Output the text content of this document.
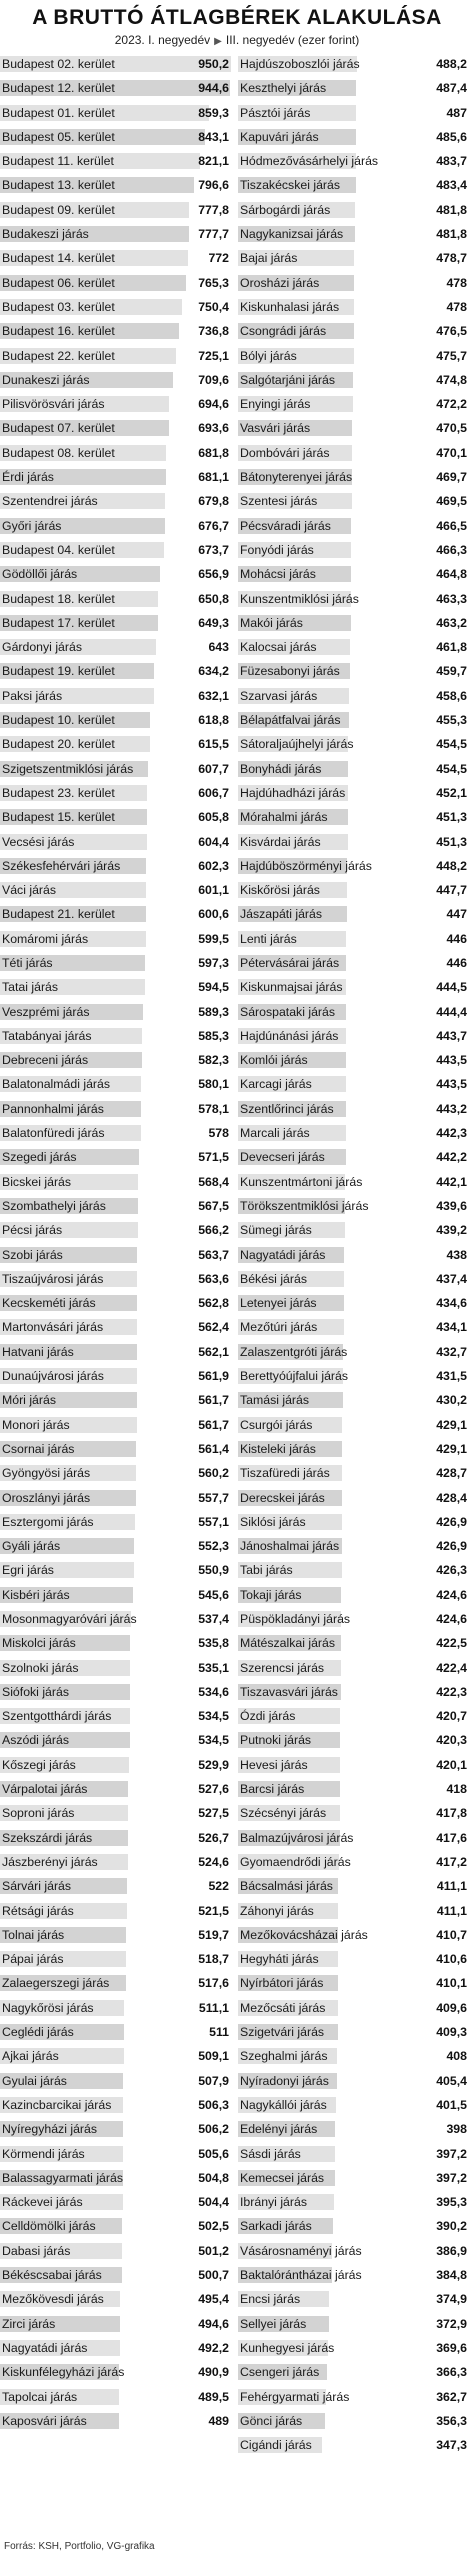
A BRUTTÓ ÁTLAGBÉREK ALAKULÁSA
2023. I. negyedév ▶ III. negyedév (ezer forint)
Budapest 02. kerület	950,2
Budapest 12. kerület	944,6
Budapest 01. kerület	859,3
Budapest 05. kerület	843,1
Budapest 11. kerület	821,1
Budapest 13. kerület	796,6
Budapest 09. kerület	777,8
Budakeszi járás	777,7
Budapest 14. kerület	772
Budapest 06. kerület	765,3
Budapest 03. kerület	750,4
Budapest 16. kerület	736,8
Budapest 22. kerület	725,1
Dunakeszi járás	709,6
Pilisvörösvári járás	694,6
Budapest 07. kerület	693,6
Budapest 08. kerület	681,8
Érdi járás	681,1
Szentendrei járás	679,8
Győri járás	676,7
Budapest 04. kerület	673,7
Gödöllői járás	656,9
Budapest 18. kerület	650,8
Budapest 17. kerület	649,3
Gárdonyi járás	643
Budapest 19. kerület	634,2
Paksi járás	632,1
Budapest 10. kerület	618,8
Budapest 20. kerület	615,5
Szigetszentmiklósi járás	607,7
Budapest 23. kerület	606,7
Budapest 15. kerület	605,8
Vecsési járás	604,4
Székesfehérvári járás	602,3
Váci járás	601,1
Budapest 21. kerület	600,6
Komáromi járás	599,5
Téti járás	597,3
Tatai járás	594,5
Veszprémi járás	589,3
Tatabányai járás	585,3
Debreceni járás	582,3
Balatonalmádi járás	580,1
Pannonhalmi járás	578,1
Balatonfüredi járás	578
Szegedi járás	571,5
Bicskei járás	568,4
Szombathelyi járás	567,5
Pécsi járás	566,2
Szobi járás	563,7
Tiszaújvárosi járás	563,6
Kecskeméti járás	562,8
Martonvásári járás	562,4
Hatvani járás	562,1
Dunaújvárosi járás	561,9
Móri járás	561,7
Monori járás	561,7
Csornai járás	561,4
Gyöngyösi járás	560,2
Oroszlányi járás	557,7
Esztergomi járás	557,1
Gyáli járás	552,3
Egri járás	550,9
Kisbéri járás	545,6
Mosonmagyaróvári járás	537,4
Miskolci járás	535,8
Szolnoki járás	535,1
Siófoki járás	534,6
Szentgotthárdi járás	534,5
Aszódi járás	534,5
Kőszegi járás	529,9
Várpalotai járás	527,6
Soproni járás	527,5
Szekszárdi járás	526,7
Jászberényi járás	524,6
Sárvári járás	522
Rétsági járás	521,5
Tolnai járás	519,7
Pápai járás	518,7
Zalaegerszegi járás	517,6
Nagykőrösi járás	511,1
Ceglédi járás	511
Ajkai járás	509,1
Gyulai járás	507,9
Kazincbarcikai járás	506,3
Nyíregyházi járás	506,2
Körmendi járás	505,6
Balassagyarmati járás	504,8
Ráckevei járás	504,4
Celldömölki járás	502,5
Dabasi járás	501,2
Békéscsabai járás	500,7
Mezőkövesdi járás	495,4
Zirci járás	494,6
Nagyatádi járás	492,2
Kiskunfélegyházi járás	490,9
Tapolcai járás	489,5
Kaposvári járás	489
Hajdúszoboszlói járás	488,2
Keszthelyi járás	487,4
Pásztói járás	487
Kapuvári járás	485,6
Hódmezővásárhelyi járás	483,7
Tiszakécskei járás	483,4
Sárbogárdi járás	481,8
Nagykanizsai járás	481,8
Bajai járás	478,7
Orosházi járás	478
Kiskunhalasi járás	478
Csongrádi járás	476,5
Bólyi járás	475,7
Salgótarjáni járás	474,8
Enyingi járás	472,2
Vasvári járás	470,5
Dombóvári járás	470,1
Bátonyterenyei járás	469,7
Szentesi járás	469,5
Pécsváradi járás	466,5
Fonyódi járás	466,3
Mohácsi járás	464,8
Kunszentmiklósi járás	463,3
Makói járás	463,2
Kalocsai járás	461,8
Füzesabonyi járás	459,7
Szarvasi járás	458,6
Bélapátfalvai járás	455,3
Sátoraljaújhelyi járás	454,5
Bonyhádi járás	454,5
Hajdúhadházi járás	452,1
Mórahalmi járás	451,3
Kisvárdai járás	451,3
Hajdúböszörményi járás	448,2
Kiskőrösi járás	447,7
Jászapáti járás	447
Lenti járás	446
Pétervásárai járás	446
Kiskunmajsai járás	444,5
Sárospataki járás	444,4
Hajdúnánási járás	443,7
Komlói járás	443,5
Karcagi járás	443,5
Szentlőrinci járás	443,2
Marcali járás	442,3
Devecseri járás	442,2
Kunszentmártoni járás	442,1
Törökszentmiklósi járás	439,6
Sümegi járás	439,2
Nagyatádi járás	438
Békési járás	437,4
Letenyei járás	434,6
Mezőtúri járás	434,1
Zalaszentgróti járás	432,7
Berettyóújfalui járás	431,5
Tamási járás	430,2
Csurgói járás	429,1
Kisteleki járás	429,1
Tiszafüredi járás	428,7
Derecskei járás	428,4
Siklósi járás	426,9
Jánoshalmai járás	426,9
Tabi járás	426,3
Tokaji járás	424,6
Püspökladányi járás	424,6
Mátészalkai járás	422,5
Szerencsi járás	422,4
Tiszavasvári járás	422,3
Ózdi járás	420,7
Putnoki járás	420,3
Hevesi járás	420,1
Barcsi járás	418
Szécsényi járás	417,8
Balmazújvárosi járás	417,6
Gyomaendrődi járás	417,2
Bácsalmási járás	411,1
Záhonyi járás	411,1
Mezőkovácsházai járás	410,7
Hegyháti járás	410,6
Nyírbátori járás	410,1
Mezőcsáti járás	409,6
Szigetvári járás	409,3
Szeghalmi járás	408
Nyíradonyi járás	405,4
Nagykállói járás	401,5
Edelényi járás	398
Sásdi járás	397,2
Kemecsei járás	397,2
Ibrányi járás	395,3
Sarkadi járás	390,2
Vásárosnaményi járás	386,9
Baktalórántházai járás	384,8
Encsi járás	374,9
Sellyei járás	372,9
Kunhegyesi járás	369,6
Csengeri járás	366,3
Fehérgyarmati járás	362,7
Gönci járás	356,3
Cigándi járás	347,3
Forrás: KSH, Portfolio, VG-grafika
